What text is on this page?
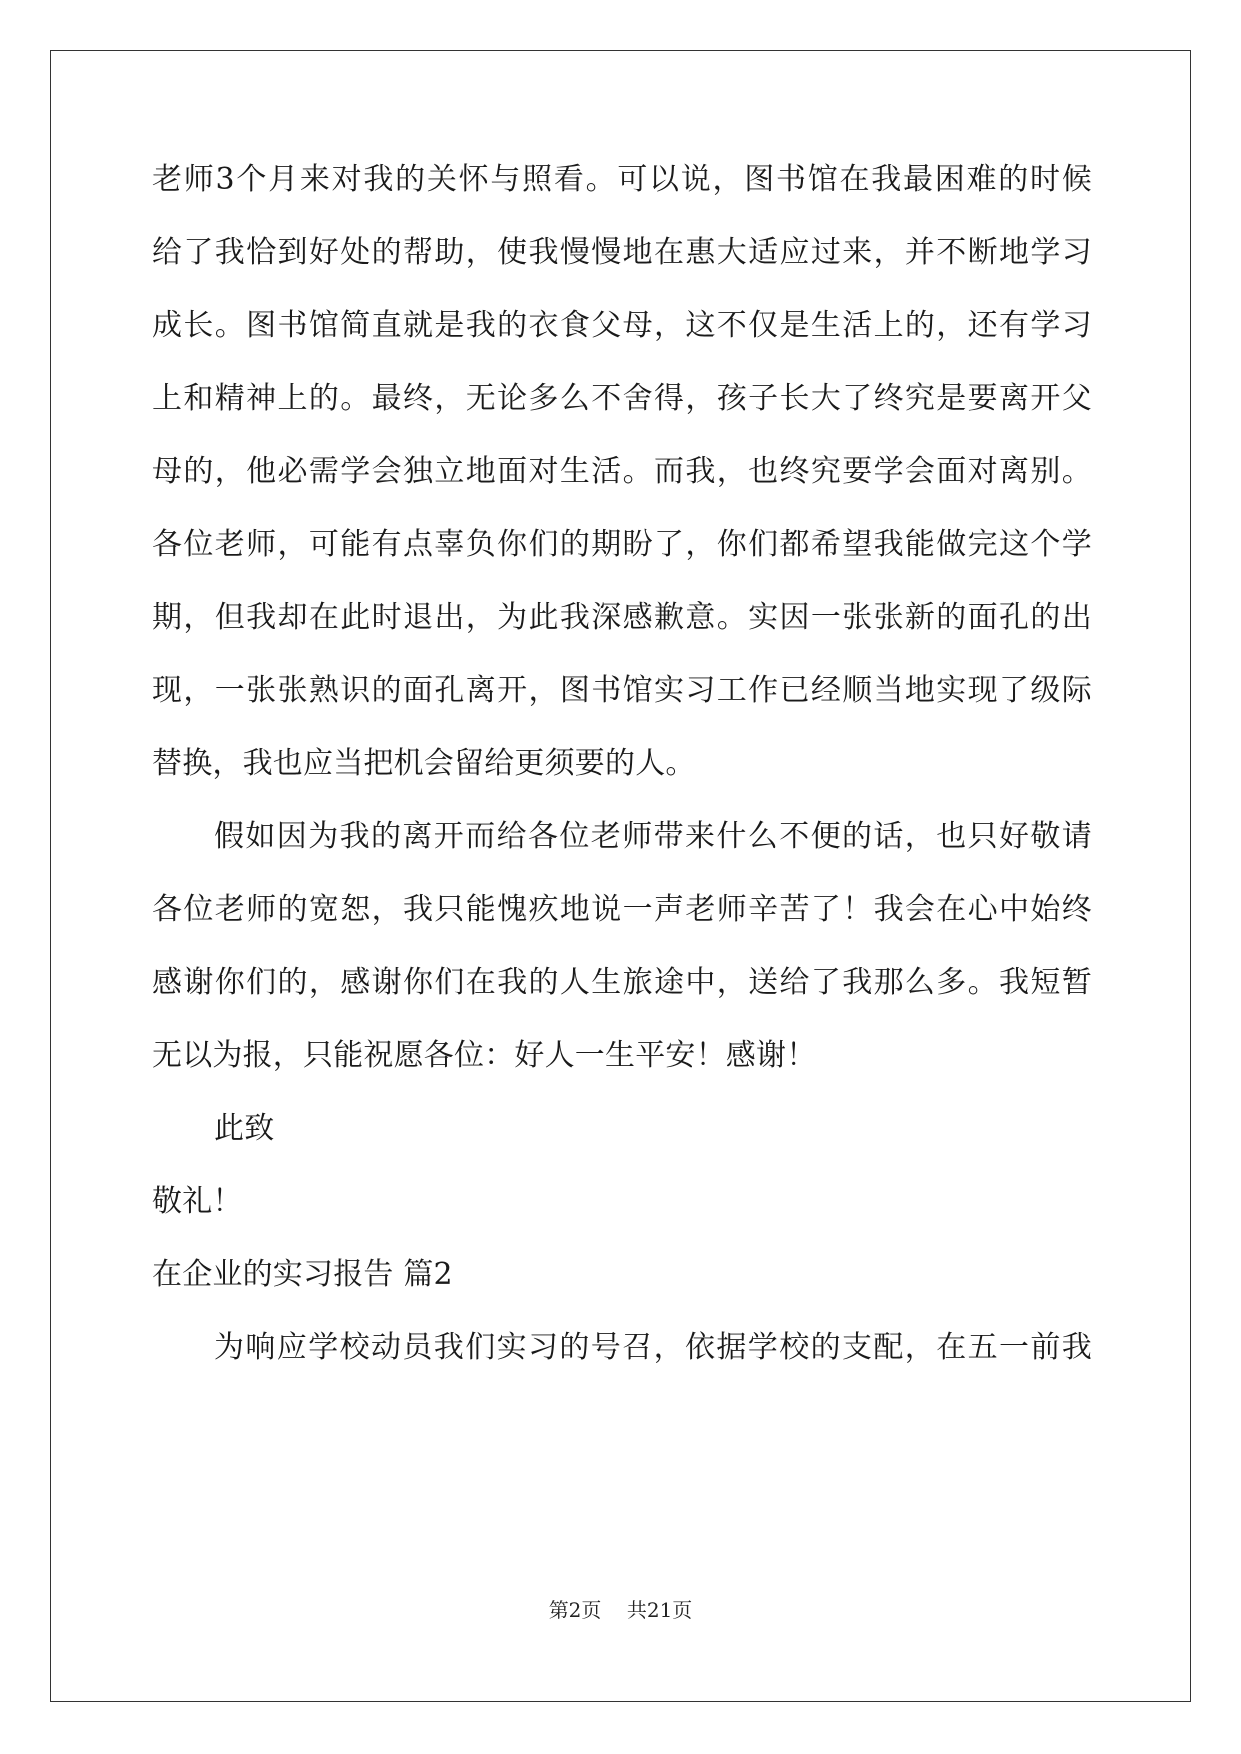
老师3个月来对我的关怀与照看。可以说，图书馆在我最困难的时候
给了我恰到好处的帮助，使我慢慢地在惠大适应过来，并不断地学习
成长。图书馆简直就是我的衣食父母，这不仅是生活上的，还有学习
上和精神上的。最终，无论多么不舍得，孩子长大了终究是要离开父
母的，他必需学会独立地面对生活。而我，也终究要学会面对离别。
各位老师，可能有点辜负你们的期盼了，你们都希望我能做完这个学
期，但我却在此时退出，为此我深感歉意。实因一张张新的面孔的出
现，一张张熟识的面孔离开，图书馆实习工作已经顺当地实现了级际
替换，我也应当把机会留给更须要的人。
假如因为我的离开而给各位老师带来什么不便的话，也只好敬请
各位老师的宽恕，我只能愧疚地说一声老师辛苦了！我会在心中始终
感谢你们的，感谢你们在我的人生旅途中，送给了我那么多。我短暂
无以为报，只能祝愿各位：好人一生平安！感谢！
此致
敬礼！
在企业的实习报告 篇2
为响应学校动员我们实习的号召，依据学校的支配，在五一前我
第2页 共21页
